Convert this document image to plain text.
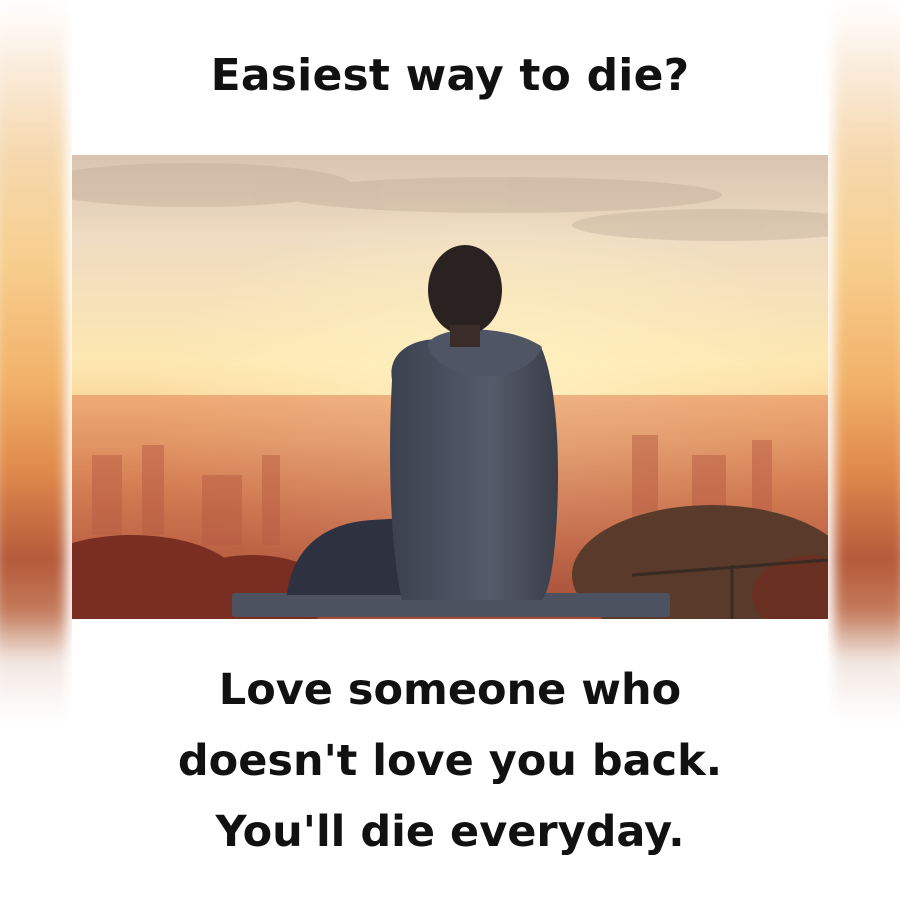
Easiest way to die?
Love someone who
doesn't love you back.
You'll die everyday.
